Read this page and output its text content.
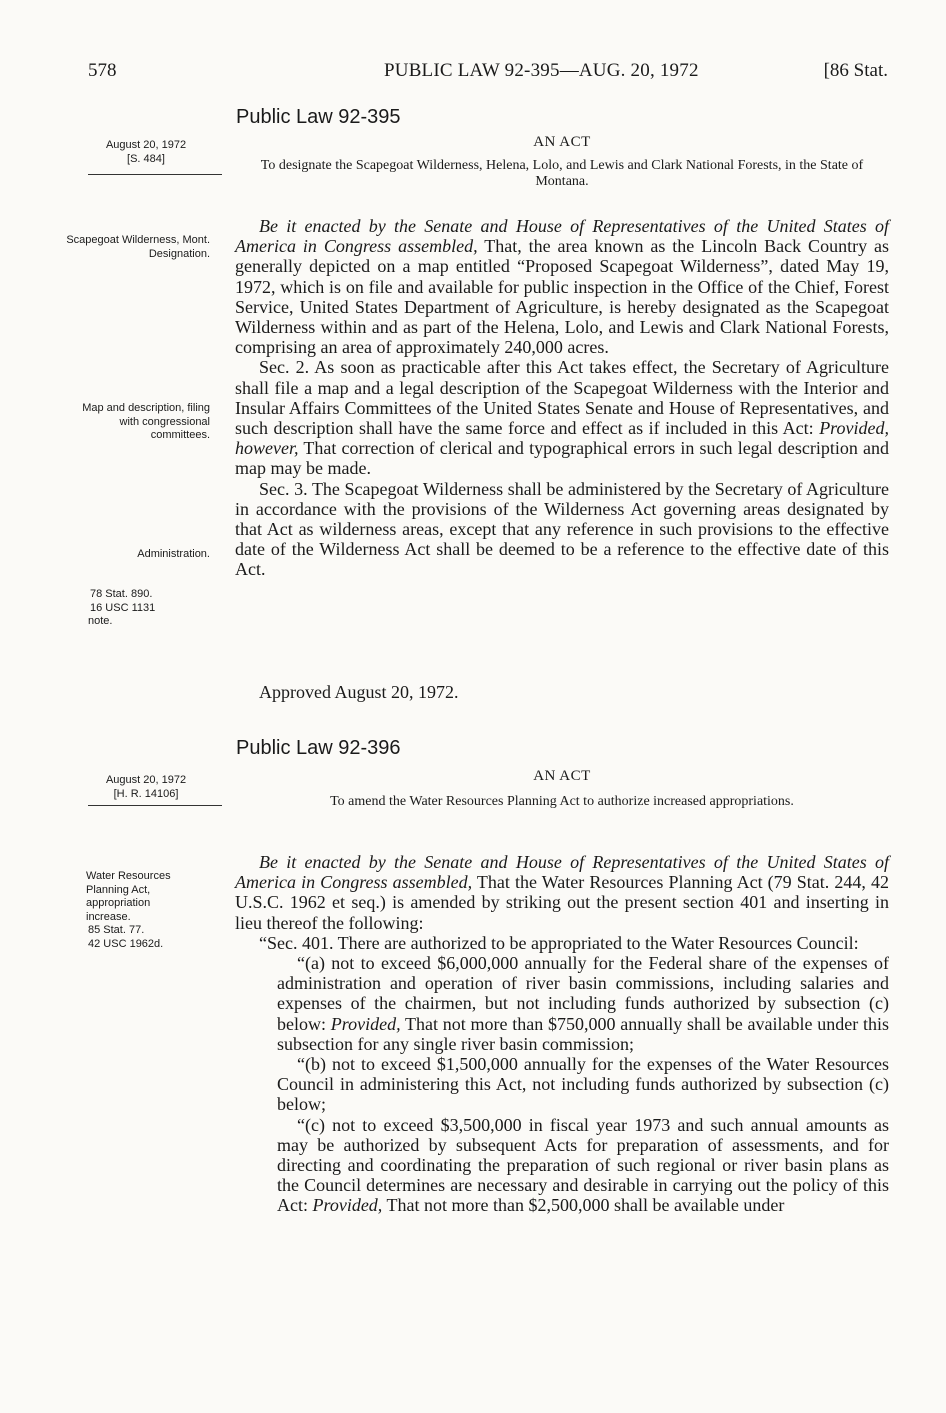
578	PUBLIC LAW 92-395—AUG. 20, 1972	[86 Stat.
Public Law 92-395
August 20, 1972
[S. 484]
AN ACT
To designate the Scapegoat Wilderness, Helena, Lolo, and Lewis and Clark National Forests, in the State of Montana.
Scapegoat Wilderness, Mont. Designation.
Map and description, filing with congressional committees.
Administration.
78 Stat. 890.
16 USC 1131
note.

Be it enacted by the Senate and House of Representatives of the United States of America in Congress assembled, That, the area known as the Lincoln Back Country as generally depicted on a map entitled “Proposed Scapegoat Wilderness”, dated May 19, 1972, which is on file and available for public inspection in the Office of the Chief, Forest Service, United States Department of Agriculture, is hereby designated as the Scapegoat Wilderness within and as part of the Helena, Lolo, and Lewis and Clark National Forests, comprising an area of approximately 240,000 acres.

Sec. 2. As soon as practicable after this Act takes effect, the Secretary of Agriculture shall file a map and a legal description of the Scapegoat Wilderness with the Interior and Insular Affairs Committees of the United States Senate and House of Representatives, and such description shall have the same force and effect as if included in this Act: Provided, however, That correction of clerical and typographical errors in such legal description and map may be made.

Sec. 3. The Scapegoat Wilderness shall be administered by the Secretary of Agriculture in accordance with the provisions of the Wilderness Act governing areas designated by that Act as wilderness areas, except that any reference in such provisions to the effective date of the Wilderness Act shall be deemed to be a reference to the effective date of this Act.

Approved August 20, 1972.
Public Law 92-396
August 20, 1972
[H. R. 14106]
AN ACT
To amend the Water Resources Planning Act to authorize increased appropriations.
Water Resources Planning Act, appropriation increase.
85 Stat. 77.
42 USC 1962d.

Be it enacted by the Senate and House of Representatives of the United States of America in Congress assembled, That the Water Resources Planning Act (79 Stat. 244, 42 U.S.C. 1962 et seq.) is amended by striking out the present section 401 and inserting in lieu thereof the following:

“Sec. 401. There are authorized to be appropriated to the Water Resources Council:

“(a) not to exceed $6,000,000 annually for the Federal share of the expenses of administration and operation of river basin commissions, including salaries and expenses of the chairmen, but not including funds authorized by subsection (c) below: Provided, That not more than $750,000 annually shall be available under this subsection for any single river basin commission;

“(b) not to exceed $1,500,000 annually for the expenses of the Water Resources Council in administering this Act, not including funds authorized by subsection (c) below;

“(c) not to exceed $3,500,000 in fiscal year 1973 and such annual amounts as may be authorized by subsequent Acts for preparation of assessments, and for directing and coordinating the preparation of such regional or river basin plans as the Council determines are necessary and desirable in carrying out the policy of this Act: Provided, That not more than $2,500,000 shall be available under
